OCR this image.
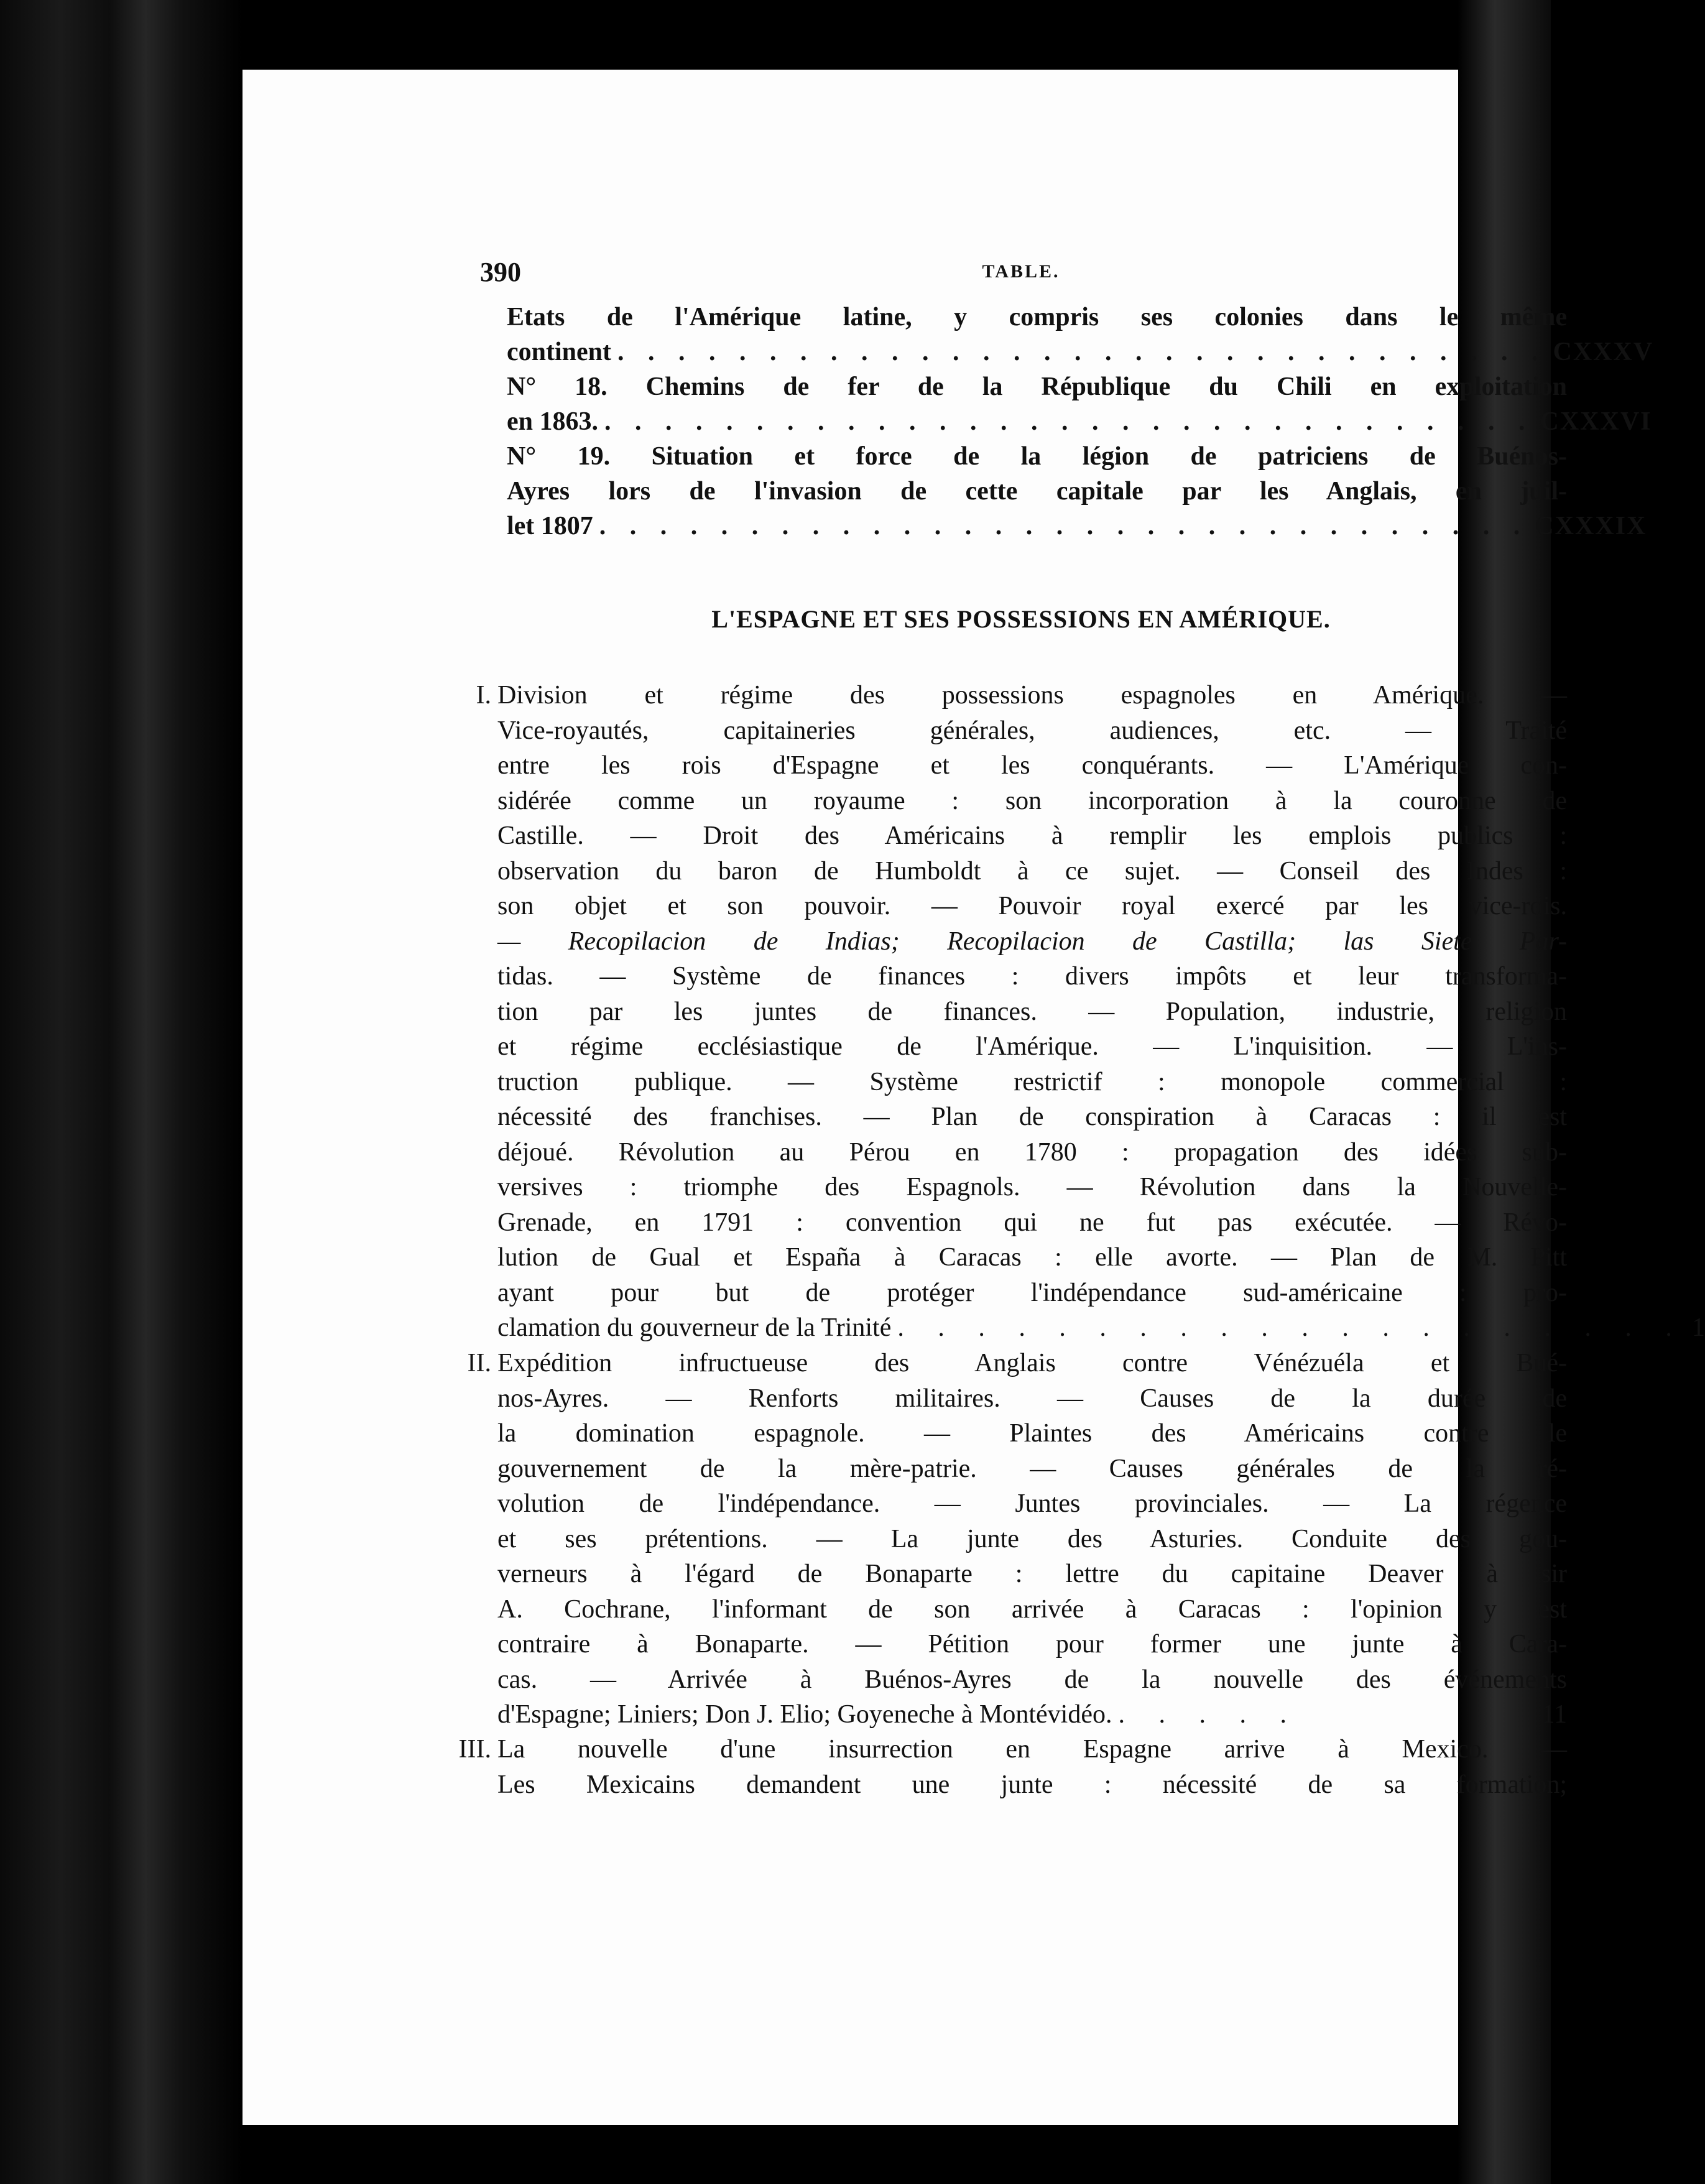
390	TABLE.
Etats de l'Amérique latine, y compris ses colonies dans le même
continent . . . . . . . . . . . . . . . . . . . . . . . . . . . . . . . CXXXV
N° 18. Chemins de fer de la République du Chili en exploitation
en 1863. . . . . . . . . . . . . . . . . . . . . . . . . . . . . . . . CXXXVI
N° 19. Situation et force de la légion de patriciens de Buénos-
Ayres lors de l'invasion de cette capitale par les Anglais, en juil-
let 1807 . . . . . . . . . . . . . . . . . . . . . . . . . . . . . . . CXXXIX
L'ESPAGNE ET SES POSSESSIONS EN AMÉRIQUE.
I. Division et régime des possessions espagnoles en Amérique. —
Vice-royautés, capitaineries générales, audiences, etc. — Traité
entre les rois d'Espagne et les conquérants. — L'Amérique con-
sidérée comme un royaume : son incorporation à la couronne de
Castille. — Droit des Américains à remplir les emplois publics :
observation du baron de Humboldt à ce sujet. — Conseil des Indes :
son objet et son pouvoir. — Pouvoir royal exercé par les vice-rois.
— Recopilacion de Indias; Recopilacion de Castilla; las Siete Par-
tidas. — Système de finances : divers impôts et leur transforma-
tion par les juntes de finances. — Population, industrie, religion
et régime ecclésiastique de l'Amérique. — L'inquisition. — L'ins-
truction publique. — Système restrictif : monopole commercial :
nécessité des franchises. — Plan de conspiration à Caracas : il est
déjoué. Révolution au Pérou en 1780 : propagation des idées sub-
versives : triomphe des Espagnols. — Révolution dans la Nouvelle-
Grenade, en 1791 : convention qui ne fut pas exécutée. — Révo-
lution de Gual et España à Caracas : elle avorte. — Plan de M. Pitt
ayant pour but de protéger l'indépendance sud-américaine : pro-
clamation du gouverneur de la Trinité . . . . . . . . . . . . . . . . . . . . 1
II. Expédition infructueuse des Anglais contre Vénézuéla et Bué-
nos-Ayres. — Renforts militaires. — Causes de la durée de
la domination espagnole. — Plaintes des Américains contre le
gouvernement de la mère-patrie. — Causes générales de la ré-
volution de l'indépendance. — Juntes provinciales. — La régence
et ses prétentions. — La junte des Asturies. Conduite des gou-
verneurs à l'égard de Bonaparte : lettre du capitaine Deaver à sir
A. Cochrane, l'informant de son arrivée à Caracas : l'opinion y est
contraire à Bonaparte. — Pétition pour former une junte à Cara-
cas. — Arrivée à Buénos-Ayres de la nouvelle des événements
d'Espagne; Liniers; Don J. Elio; Goyeneche à Montévidéo. . . . . .	11
III. La nouvelle d'une insurrection en Espagne arrive à Mexico. —
Les Mexicains demandent une junte : nécessité de sa formation;
